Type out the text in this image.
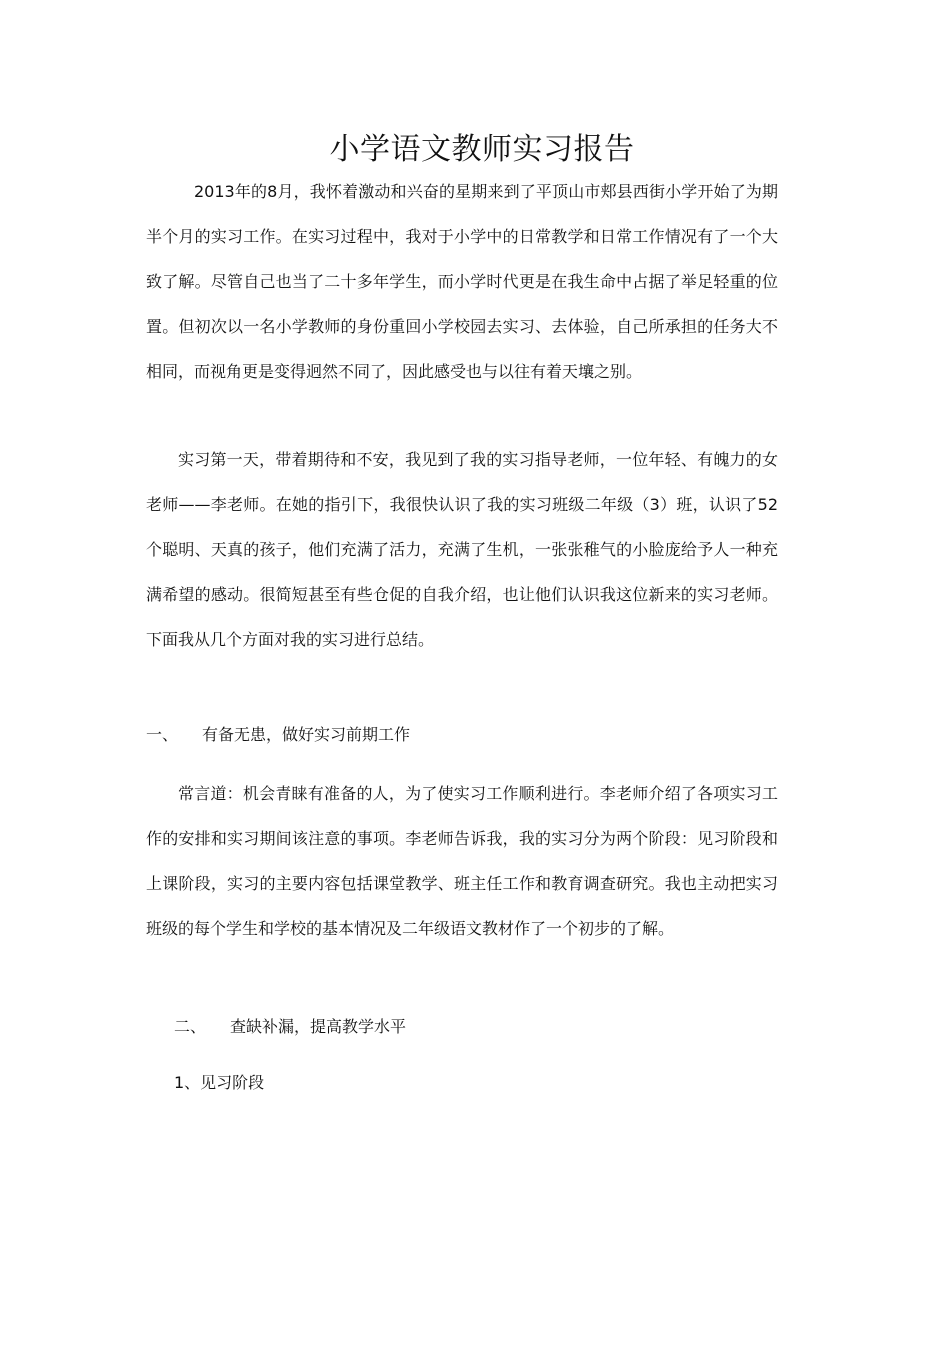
小学语文教师实习报告
2013年的8月，我怀着激动和兴奋的星期来到了平顶山市郏县西街小学开始了为期半个月的实习工作。在实习过程中，我对于小学中的日常教学和日常工作情况有了一个大致了解。尽管自己也当了二十多年学生，而小学时代更是在我生命中占据了举足轻重的位置。但初次以一名小学教师的身份重回小学校园去实习、去体验，自己所承担的任务大不相同，而视角更是变得迥然不同了，因此感受也与以往有着天壤之别。
实习第一天，带着期待和不安，我见到了我的实习指导老师，一位年轻、有魄力的女老师——李老师。在她的指引下，我很快认识了我的实习班级二年级（3）班，认识了52个聪明、天真的孩子，他们充满了活力，充满了生机，一张张稚气的小脸庞给予人一种充满希望的感动。很简短甚至有些仓促的自我介绍，也让他们认识我这位新来的实习老师。下面我从几个方面对我的实习进行总结。
一、 有备无患，做好实习前期工作
常言道：机会青睐有准备的人，为了使实习工作顺利进行。李老师介绍了各项实习工作的安排和实习期间该注意的事项。李老师告诉我，我的实习分为两个阶段：见习阶段和上课阶段，实习的主要内容包括课堂教学、班主任工作和教育调查研究。我也主动把实习班级的每个学生和学校的基本情况及二年级语文教材作了一个初步的了解。
二、 查缺补漏，提高教学水平
1、见习阶段
